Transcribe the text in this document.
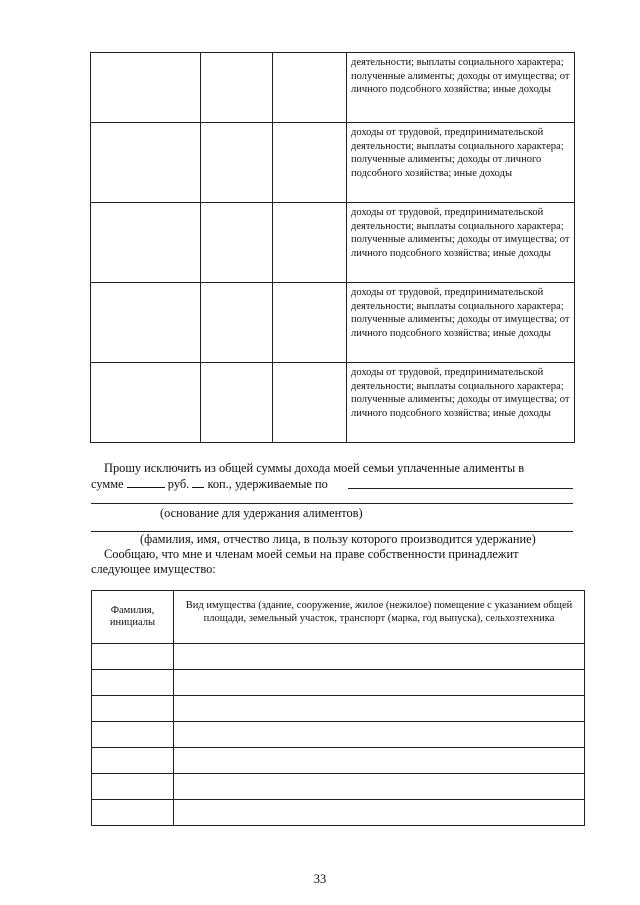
			деятельности; выплаты социального характера; полученные алименты; доходы от имущества; от личного подсобного хозяйства; иные доходы
			доходы от трудовой, предпринимательской деятельности; выплаты социального характера; полученные алименты; доходы от личного подсобного хозяйства; иные доходы
			доходы от трудовой, предпринимательской деятельности; выплаты социального характера; полученные алименты; доходы от имущества; от личного подсобного хозяйства; иные доходы
			доходы от трудовой, предпринимательской деятельности; выплаты социального характера; полученные алименты; доходы от имущества; от личного подсобного хозяйства; иные доходы
			доходы от трудовой, предпринимательской деятельности; выплаты социального характера; полученные алименты; доходы от имущества; от личного подсобного хозяйства; иные доходы
Прошу исключить из общей суммы дохода моей семьи уплаченные алименты в
сумме	руб. коп., удерживаемые по
(основание для удержания алиментов)
(фамилия, имя, отчество лица, в пользу которого производится удержание)
Сообщаю, что мне и членам моей семьи на праве собственности принадлежит
следующее имущество:
Фамилия, инициалы	Вид имущества (здание, сооружение, жилое (нежилое) помещение с указанием общей площади, земельный участок, транспорт (марка, год выпуска), сельхозтехника

33
